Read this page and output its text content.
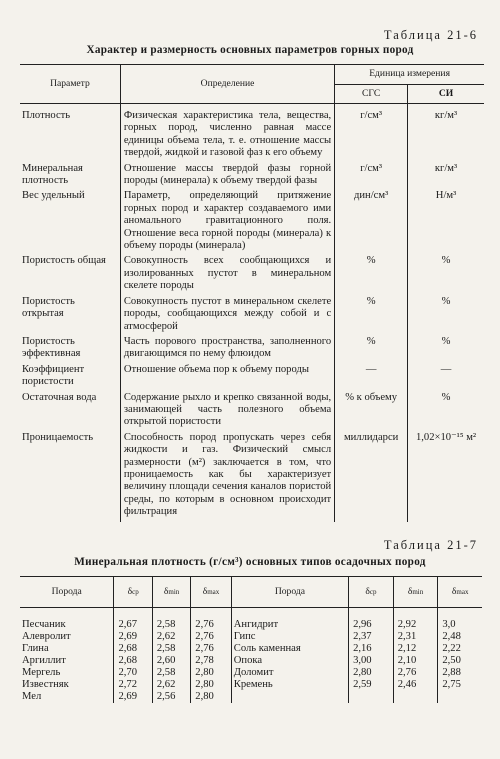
Таблица 21-6
Характер и размерность основных параметров горных пород
Параметр	Определение	Единица измерения	
		СГС	СИ

Плотность	Физическая характеристика тела, вещества, горных пород, численно равная массе единицы объема тела, т. е. отношение массы твердой, жидкой и газовой фаз к его объему	г/см³	кг/м³
Минеральная плотность	Отношение массы твердой фазы горной породы (минерала) к объему твердой фазы	г/см³	кг/м³
Вес удельный	Параметр, определяющий притяжение горных пород и характер создаваемого ими аномального гравитационного поля. Отношение веса горной породы (минерала) к объему породы (минерала)	дин/см³	Н/м³
Пористость общая	Совокупность всех сообщающихся и изолированных пустот в минеральном скелете породы	%	%
Пористость открытая	Совокупность пустот в минеральном скелете породы, сообщающихся между собой и с атмосферой	%	%
Пористость эффективная	Часть порового пространства, заполненного двигающимся по нему флюидом	%	%
Коэффициент пористости	Отношение объема пор к объему породы	—	—
Остаточная вода	Содержание рыхло и крепко связанной воды, занимающей часть полезного объема открытой пористости	% к объему	%
Проницаемость	Способность пород пропускать через себя жидкости и газ. Физический смысл размерности (м²) заключается в том, что проницаемость как бы характеризует величину площади сечения каналов пористой среды, по которым в основном происходит фильтрация	миллидарси	1,02×10⁻¹⁵ м²
Таблица 21-7
Минеральная плотность (г/см³) основных типов осадочных пород
Порода	δср	δmin	δmax	Порода	δср	δmin	δmax
Песчаник	2,67	2,58	2,76	Ангидрит	2,96	2,92	3,0
Алевролит	2,69	2,62	2,76	Гипс	2,37	2,31	2,48
Глина	2,68	2,58	2,76	Соль каменная	2,16	2,12	2,22
Аргиллит	2,68	2,60	2,78	Опока	3,00	2,10	2,50
Мергель	2,70	2,58	2,80	Доломит	2,80	2,76	2,88
Известняк	2,72	2,62	2,80	Кремень	2,59	2,46	2,75
Мел	2,69	2,56	2,80				
